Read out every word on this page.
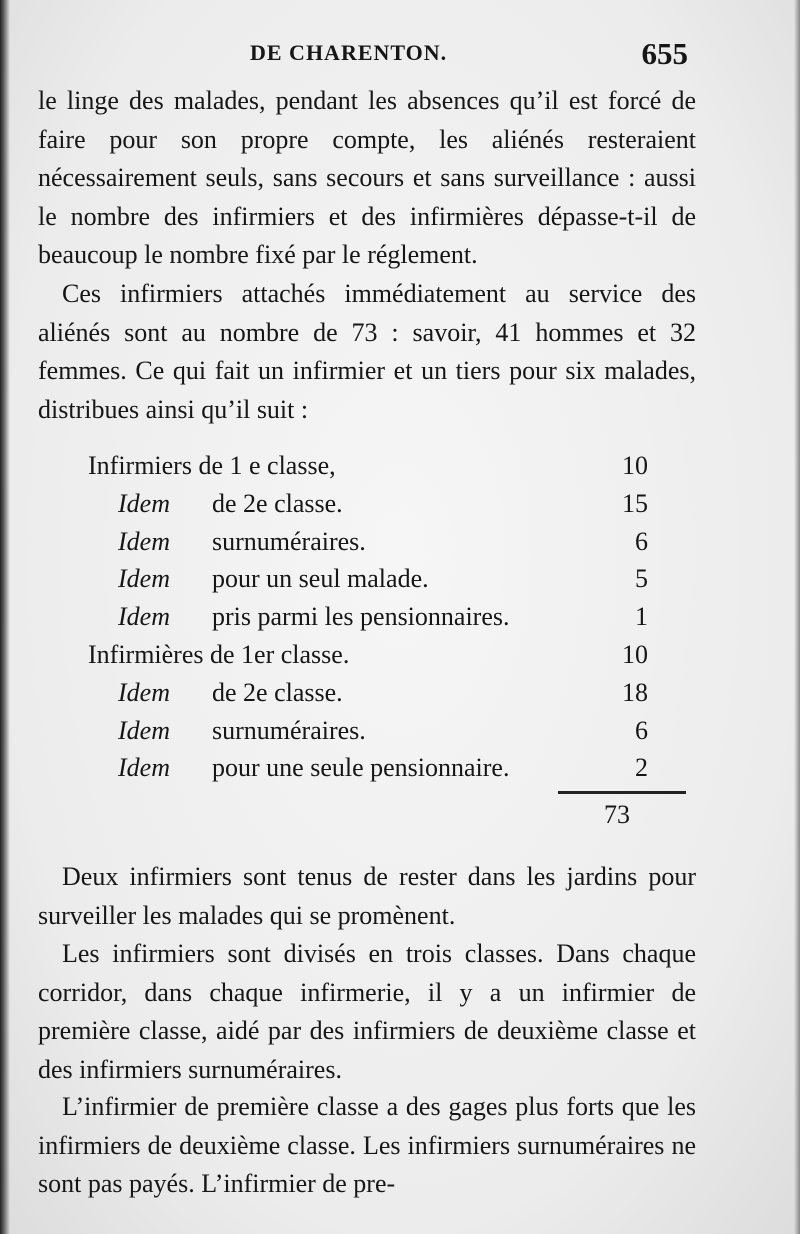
DE CHARENTON.	655
le linge des malades, pendant les absences qu’il est forcé de faire pour son propre compte, les aliénés resteraient nécessairement seuls, sans secours et sans surveillance : aussi le nombre des infirmiers et des infirmières dépasse-t-il de beaucoup le nombre fixé par le réglement.
Ces infirmiers attachés immédiatement au service des aliénés sont au nombre de 73 : savoir, 41 hommes et 32 femmes. Ce qui fait un infirmier et un tiers pour six malades, distribues ainsi qu’il suit :
Infirmiers de 1 e classe,	10
Idem de 2e classe.	15
Idem surnuméraires.	6
Idem pour un seul malade.	5
Idem pris parmi les pensionnaires.	1
Infirmières de 1er classe.	10
Idem de 2e classe.	18
Idem surnuméraires.	6
Idem pour une seule pensionnaire.	2
73
Deux infirmiers sont tenus de rester dans les jardins pour surveiller les malades qui se promènent.
Les infirmiers sont divisés en trois classes. Dans chaque corridor, dans chaque infirmerie, il y a un infirmier de première classe, aidé par des infirmiers de deuxième classe et des infirmiers surnuméraires.
L’infirmier de première classe a des gages plus forts que les infirmiers de deuxième classe. Les infirmiers surnuméraires ne sont pas payés. L’infirmier de pre-
